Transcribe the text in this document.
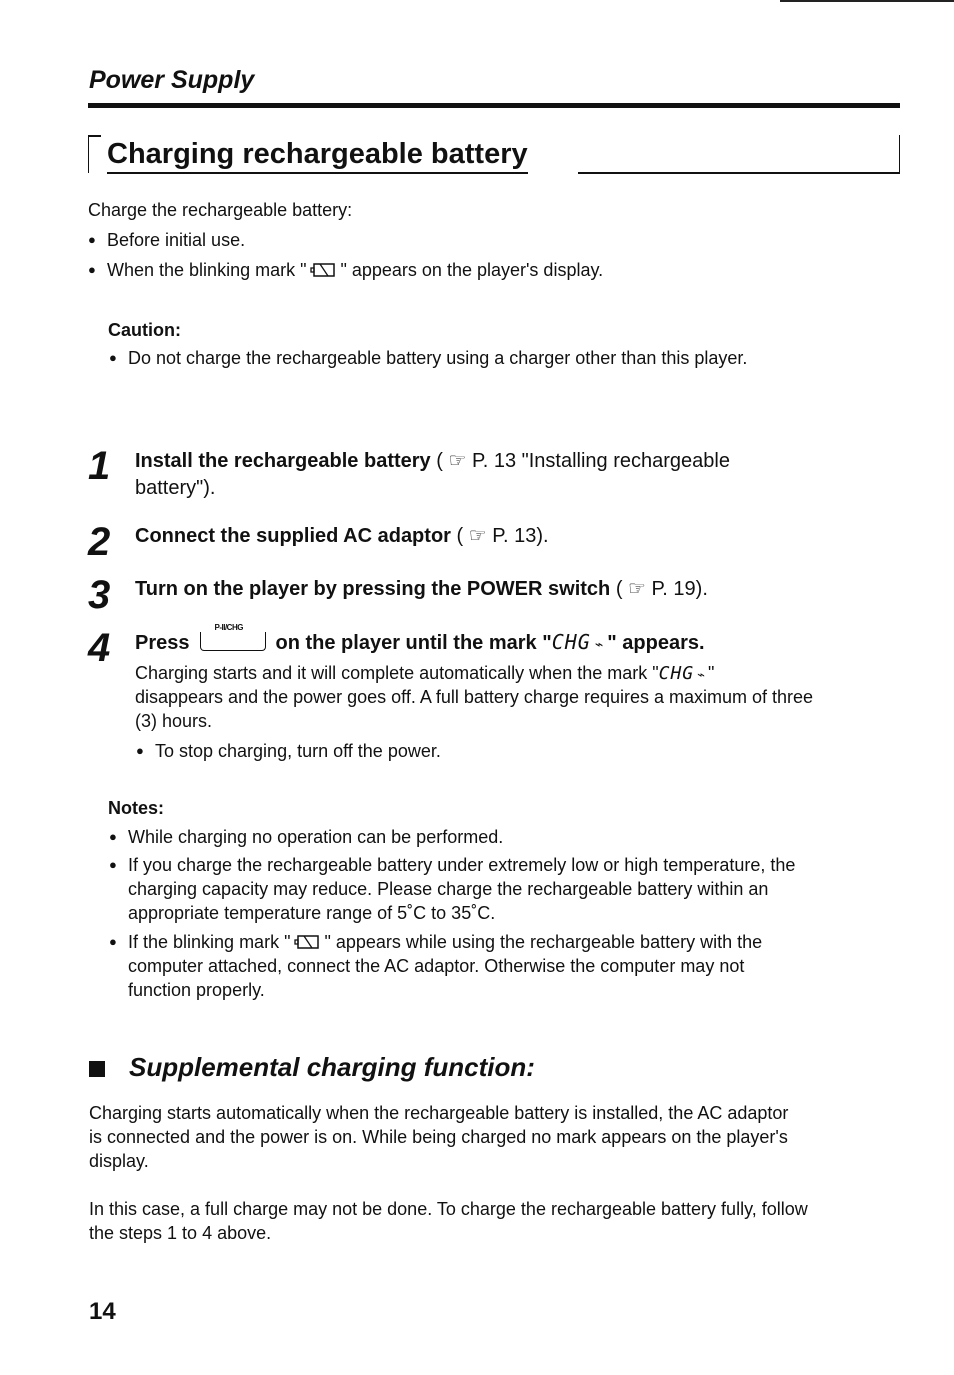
Power Supply
Charging rechargeable battery
Charge the rechargeable battery:
● Before initial use.
● When the blinking mark " " appears on the player's display.
Caution:
● Do not charge the rechargeable battery using a charger other than this player.
1 Install the rechargeable battery ( ☞ P. 13 "Installing rechargeable
battery").
2 Connect the supplied AC adaptor ( ☞ P. 13).
3 Turn on the player by pressing the POWER switch ( ☞ P. 19).
4 Press
P-II/CHG
on the player until the mark "CHG ⌁ " appears.
Charging starts and it will complete automatically when the mark "CHG ⌁ "
disappears and the power goes off. A full battery charge requires a maximum of three
(3) hours.
● To stop charging, turn off the power.
Notes:
● While charging no operation can be performed.
● If you charge the rechargeable battery under extremely low or high temperature, the
charging capacity may reduce. Please charge the rechargeable battery within an
appropriate temperature range of 5˚C to 35˚C.
● If the blinking mark " " appears while using the rechargeable battery with the
computer attached, connect the AC adaptor. Otherwise the computer may not
function properly.
Supplemental charging function:
Charging starts automatically when the rechargeable battery is installed, the AC adaptor
is connected and the power is on. While being charged no mark appears on the player's
display.
In this case, a full charge may not be done. To charge the rechargeable battery fully, follow
the steps 1 to 4 above.
14
